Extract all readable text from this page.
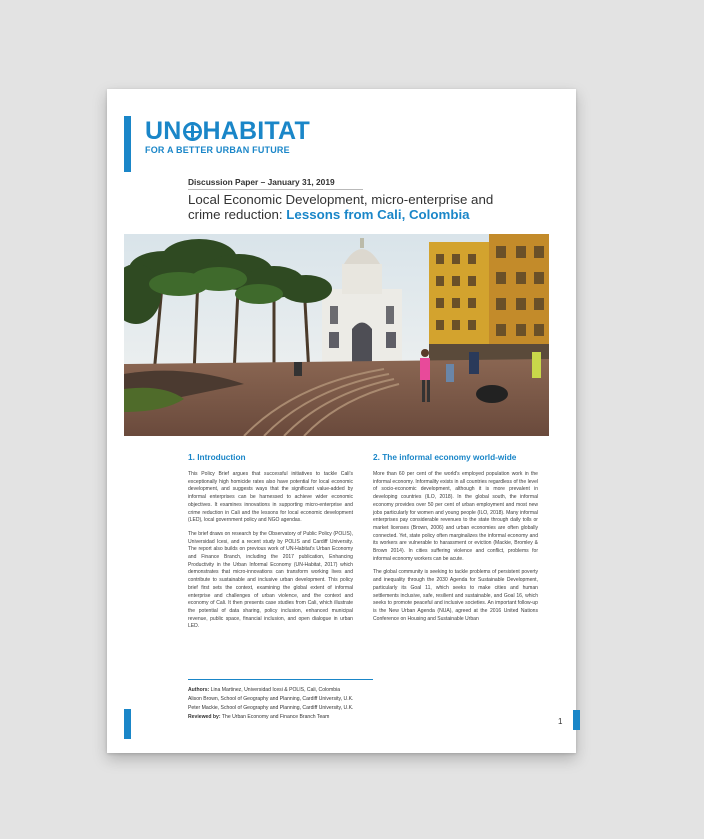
UN HABITAT
FOR A BETTER URBAN FUTURE
Discussion Paper – January 31, 2019
Local Economic Development, micro-enterprise and crime reduction: Lessons from Cali, Colombia
1. Introduction

This Policy Brief argues that successful initiatives to tackle Cali's exceptionally high homicide rates also have potential for local economic development, and suggests ways that the significant value-added by informal enterprises can be harnessed to achieve wider economic objectives. It examines innovations in supporting micro-enterprise and crime reduction in Cali and the lessons for local economic development (LED), local government policy and NGO agendas.

The brief draws on research by the Observatory of Public Policy (POLIS), Universidad Icesi, and a recent study by POLIS and Cardiff University. The report also builds on previous work of UN-Habitat's Urban Economy and Finance Branch, including the 2017 publication, Enhancing Productivity in the Urban Informal Economy (UN-Habitat, 2017) which demonstrates that micro-innovations can transform working lives and contribute to sustainable and inclusive urban development. This policy brief first sets the context, examining the global extent of informal enterprise and challenges of urban violence, and the context and economy of Cali. It then presents case studies from Cali, which illustrate the potential of data sharing, policy inclusion, enhanced municipal revenue, public space, financial inclusion, and open dialogue in urban LED.

2. The informal economy world-wide

More than 60 per cent of the world's employed population work in the informal economy. Informality exists in all countries regardless of the level of socio-economic development, although it is more prevalent in developing countries (ILO, 2018). In the global south, the informal economy provides over 50 per cent of urban employment and most new jobs particularly for women and young people (ILO, 2018). Many informal enterprises pay considerable revenues to the state through daily tolls or market licenses (Brown, 2006) and urban economies are often globally connected. Yet, state policy often marginalizes the informal economy and its workers are vulnerable to harassment or eviction (Mackie, Bromley & Brown 2014). In cities suffering violence and conflict, problems for informal economy workers can be acute.

The global community is seeking to tackle problems of persistent poverty and inequality through the 2030 Agenda for Sustainable Development, particularly its Goal 11, which seeks to make cities and human settlements inclusive, safe, resilient and sustainable, and Goal 16, which seeks to promote peaceful and inclusive societies. An important follow-up is the New Urban Agenda (NUA), agreed at the 2016 United Nations Conference on Housing and Sustainable Urban

Authors: Lina Martinez, Universidad Icesi & POLIS, Cali, Colombia
Alison Brown, School of Geography and Planning, Cardiff University, U.K.
Peter Mackie, School of Geography and Planning, Cardiff University, U.K.
Reviewed by: The Urban Economy and Finance Branch Team	1
